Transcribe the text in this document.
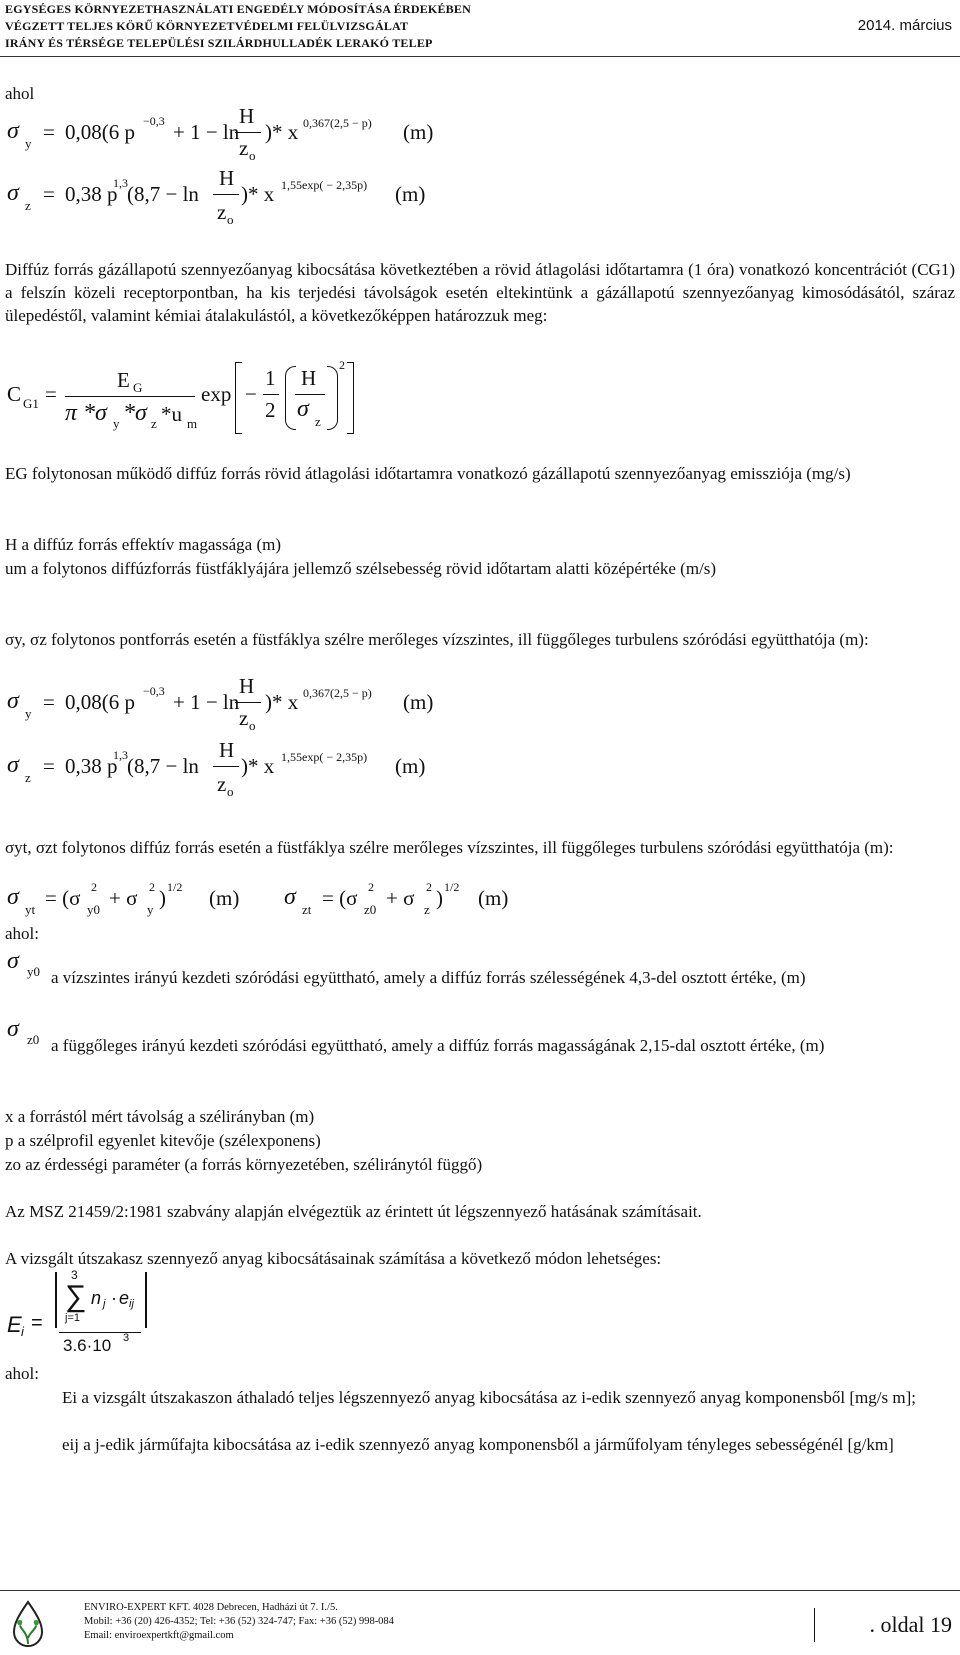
EGYSÉGES KÖRNYEZETHASZNÁLATI ENGEDÉLY MÓDOSÍTÁSA ÉRDEKÉBEN
VÉGZETT TELJES KÖRŰ KÖRNYEZETVÉDELMI FELÜLVIZSGÁLAT
IRÁNY ÉS TÉRSÉGE TELEPÜLÉSI SZILÁRDHULLADÉK LERAKÓ TELEP
2014. március
ahol
σ y = 0,08(6 p −0,3 + 1 − ln
H
z o
)* x 0,367(2,5 − p) (m)
σ z = 0,38 p
1,3 (8,7 − ln
H
z o
)* x 1,55exp( − 2,35p) (m)
Diffúz forrás gázállapotú szennyezőanyag kibocsátása következtében a rövid átlagolási időtartamra (1 óra) vonatkozó koncentrációt (CG1) a felszín közeli receptorpontban, ha kis terjedési távolságok esetén eltekintünk a gázállapotú szennyezőanyag kimosódásától, száraz ülepedéstől, valamint kémiai átalakulástól, a következőképpen határozzuk meg:
C G1 =
E G
π *σ y *σ z *u m
exp −
1
2
H
σ z
2
EG folytonosan működő diffúz forrás rövid átlagolási időtartamra vonatkozó gázállapotú szennyezőanyag emissziója (mg/s)
H a diffúz forrás effektív magassága (m)
um a folytonos diffúzforrás füstfáklyájára jellemző szélsebesség rövid időtartam alatti középértéke (m/s)
σy, σz folytonos pontforrás esetén a füstfáklya szélre merőleges vízszintes, ill függőleges turbulens szóródási együtthatója (m):
σ y = 0,08(6 p −0,3 + 1 − ln
H
z o
)* x 0,367(2,5 − p) (m)
σ z = 0,38 p
1,3 (8,7 − ln
H
z o
)* x 1,55exp( − 2,35p) (m)
σyt, σzt folytonos diffúz forrás esetén a füstfáklya szélre merőleges vízszintes, ill függőleges turbulens szóródási együtthatója (m):
σ yt = (σ 2
y0 + σ 2
y ) 1/2 (m) σ zt = (σ 2
z0 + σ 2
z ) 1/2 (m)
ahol:
σ y0 a vízszintes irányú kezdeti szóródási együttható, amely a diffúz forrás szélességének 4,3-del osztott értéke, (m)
σ z0 a függőleges irányú kezdeti szóródási együttható, amely a diffúz forrás magasságának 2,15-dal osztott értéke, (m)
x a forrástól mért távolság a szélirányban (m)
p a szélprofil egyenlet kitevője (szélexponens)
zo az érdességi paraméter (a forrás környezetében, széliránytól függő)
Az MSZ 21459/2:1981 szabvány alapján elvégeztük az érintett út légszennyező hatásának számításait.
A vizsgált útszakasz szennyező anyag kibocsátásainak számítása a következő módon lehetséges:
E i =
3
∑
j=1
n j · e ij
3.6·10 3
ahol:
Ei a vizsgált útszakaszon áthaladó teljes légszennyező anyag kibocsátása az i-edik szennyező anyag komponensből [mg/s m];
eij a j-edik járműfajta kibocsátása az i-edik szennyező anyag komponensből a járműfolyam tényleges sebességénél [g/km]
ENVIRO-EXPERT KFT. 4028 Debrecen, Hadházi út 7. I./5.
Mobil: +36 (20) 426-4352; Tel: +36 (52) 324-747; Fax: +36 (52) 998-084
Email: enviroexpertkft@gmail.com	. oldal 19
